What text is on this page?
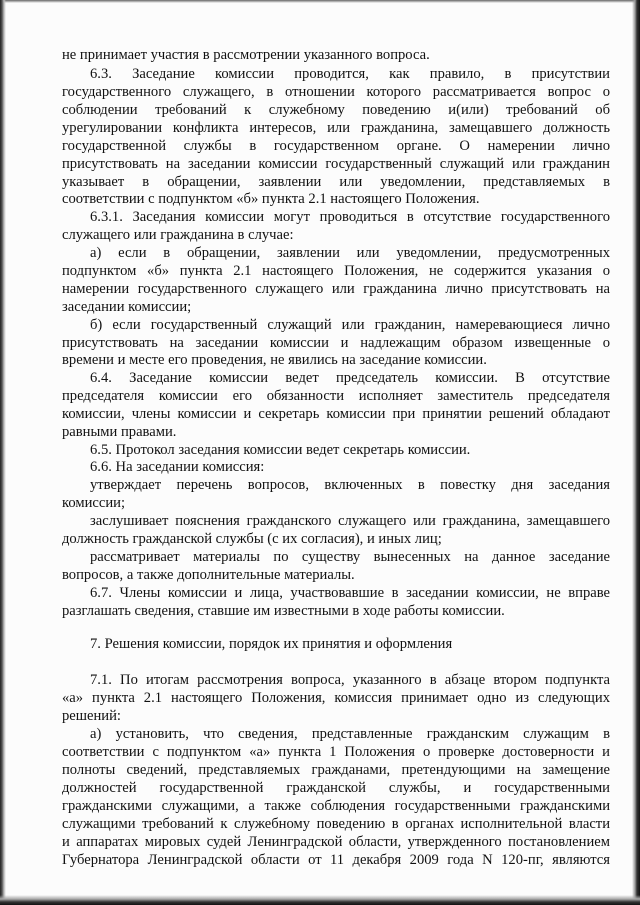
не принимает участия в рассмотрении указанного вопроса.
6.3. Заседание комиссии проводится, как правило, в присутствии
государственного служащего, в отношении которого рассматривается вопрос о
соблюдении требований к служебному поведению и(или) требований об
урегулировании конфликта интересов, или гражданина, замещавшего должность
государственной службы в государственном органе. О намерении лично
присутствовать на заседании комиссии государственный служащий или гражданин
указывает в обращении, заявлении или уведомлении, представляемых в
соответствии с подпунктом «б» пункта 2.1 настоящего Положения.
6.3.1. Заседания комиссии могут проводиться в отсутствие государственного
служащего или гражданина в случае:
а) если в обращении, заявлении или уведомлении, предусмотренных
подпунктом «б» пункта 2.1 настоящего Положения, не содержится указания о
намерении государственного служащего или гражданина лично присутствовать на
заседании комиссии;
б) если государственный служащий или гражданин, намеревающиеся лично
присутствовать на заседании комиссии и надлежащим образом извещенные о
времени и месте его проведения, не явились на заседание комиссии.
6.4. Заседание комиссии ведет председатель комиссии. В отсутствие
председателя комиссии его обязанности исполняет заместитель председателя
комиссии, члены комиссии и секретарь комиссии при принятии решений обладают
равными правами.
6.5. Протокол заседания комиссии ведет секретарь комиссии.
6.6. На заседании комиссия:
утверждает перечень вопросов, включенных в повестку дня заседания
комиссии;
заслушивает пояснения гражданского служащего или гражданина, замещавшего
должность гражданской службы (с их согласия), и иных лиц;
рассматривает материалы по существу вынесенных на данное заседание
вопросов, а также дополнительные материалы.
6.7. Члены комиссии и лица, участвовавшие в заседании комиссии, не вправе
разглашать сведения, ставшие им известными в ходе работы комиссии.
7. Решения комиссии, порядок их принятия и оформления
7.1. По итогам рассмотрения вопроса, указанного в абзаце втором подпункта
«а» пункта 2.1 настоящего Положения, комиссия принимает одно из следующих
решений:
а) установить, что сведения, представленные гражданским служащим в
соответствии с подпунктом «а» пункта 1 Положения о проверке достоверности и
полноты сведений, представляемых гражданами, претендующими на замещение
должностей государственной гражданской службы, и государственными
гражданскими служащими, а также соблюдения государственными гражданскими
служащими требований к служебному поведению в органах исполнительной власти
и аппаратах мировых судей Ленинградской области, утвержденного постановлением
Губернатора Ленинградской области от 11 декабря 2009 года N 120-пг, являются
